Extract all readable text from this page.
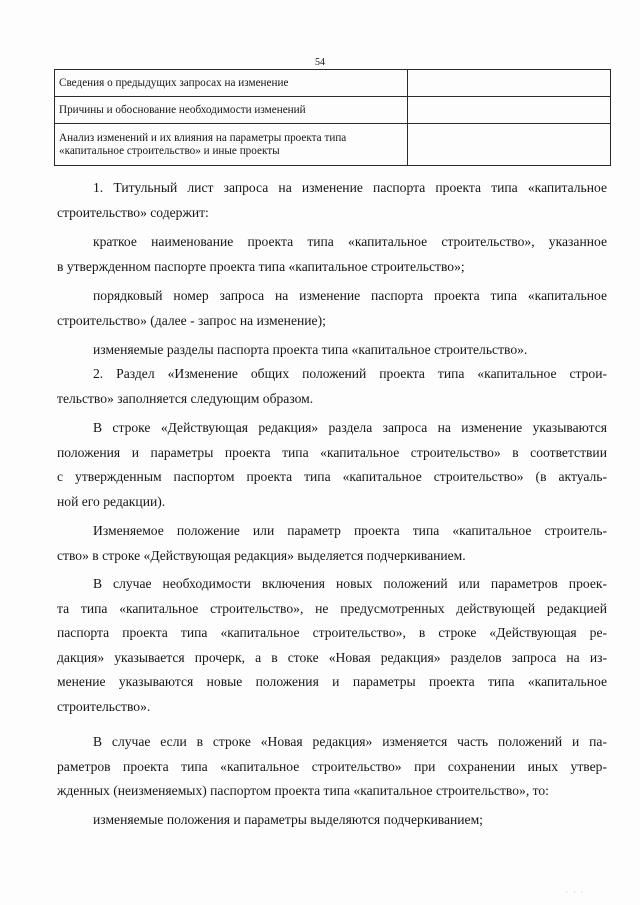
54
Сведения о предыдущих запросах на изменение	
Причины и обоснование необходимости изменений	
Анализ изменений и их влияния на параметры проекта типа
«капитальное строительство» и иные проекты	

1. Титульный лист запроса на изменение паспорта проекта типа «капитальное
строительство» содержит:

краткое наименование проекта типа «капитальное строительство», указанное
в утвержденном паспорте проекта типа «капитальное строительство»;

порядковый номер запроса на изменение паспорта проекта типа «капитальное
строительство» (далее - запрос на изменение);

изменяемые разделы паспорта проекта типа «капитальное строительство».

2. Раздел «Изменение общих положений проекта типа «капитальное строи-
тельство» заполняется следующим образом.

В строке «Действующая редакция» раздела запроса на изменение указываются
положения и параметры проекта типа «капитальное строительство» в соответствии
с утвержденным паспортом проекта типа «капитальное строительство» (в актуаль-
ной его редакции).

Изменяемое положение или параметр проекта типа «капитальное строитель-
ство» в строке «Действующая редакция» выделяется подчеркиванием.

В случае необходимости включения новых положений или параметров проек-
та типа «капитальное строительство», не предусмотренных действующей редакцией
паспорта проекта типа «капитальное строительство», в строке «Действующая ре-
дакция» указывается прочерк, а в стоке «Новая редакция» разделов запроса на из-
менение указываются новые положения и параметры проекта типа «капитальное
строительство».

В случае если в строке «Новая редакция» изменяется часть положений и па-
раметров проекта типа «капитальное строительство» при сохранении иных утвер-
жденных (неизменяемых) паспортом проекта типа «капитальное строительство», то:

изменяемые положения и параметры выделяются подчеркиванием;

· · ·
